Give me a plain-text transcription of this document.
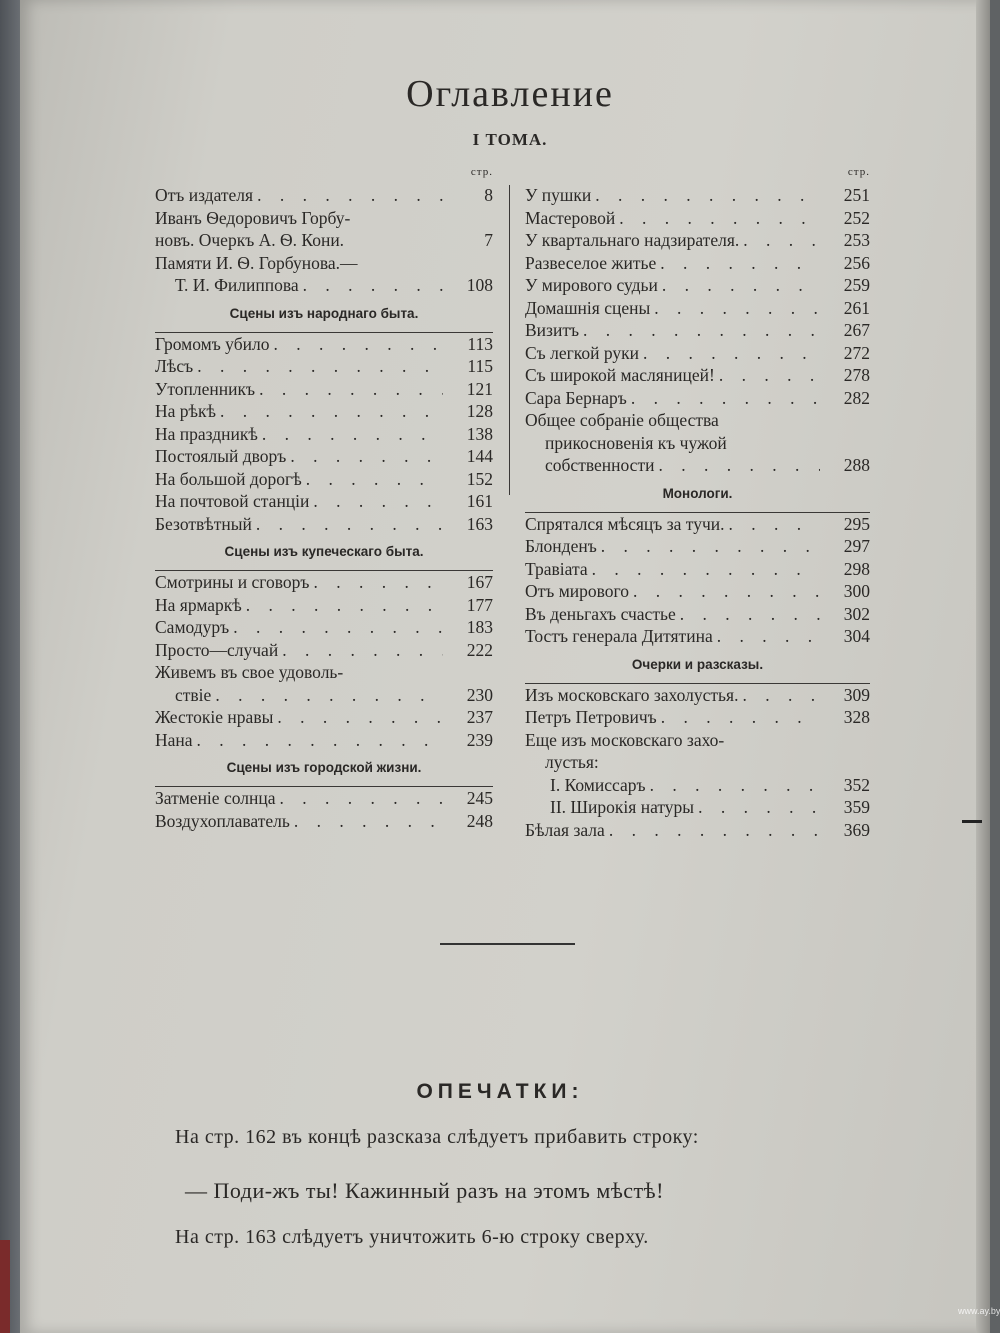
Оглавление
I ТОМА.
стр.
Отъ издателя . . .	8
Иванъ Ѳедоровичъ Горбу-
новъ. Очеркъ А. Ѳ. Кони.	7
Памяти И. Ѳ. Горбунова.—
Т. И. Филиппова . . .	108
Сцены изъ народнаго быта.
Громомъ убило . . .	113
Лѣсъ . . .	115
Утопленникъ . . .	121
На рѣкѣ . . .	128
На праздникѣ . . .	138
Постоялый дворъ . . .	144
На большой дорогѣ . . .	152
На почтовой станціи . . .	161
Безотвѣтный . . .	163
Сцены изъ купеческаго быта.
Смотрины и сговоръ . . .	167
На ярмаркѣ . . .	177
Самодуръ . . .	183
Просто—случай . . .	222
Живемъ въ свое удоволь-
ствіе . . .	230
Жестокіе нравы . . .	237
Нана . . .	239
Сцены изъ городской жизни.
Затменіе солнца . . .	245
Воздухоплаватель . . .	248
стр.
У пушки . . .	251
Мастеровой . . .	252
У квартальнаго надзирателя. . . .	253
Развеселое житье . . .	256
У мирового судьи . . .	259
Домашнія сцены . . .	261
Визитъ . . .	267
Съ легкой руки . . .	272
Съ широкой масляницей! . . .	278
Сара Бернаръ . . .	282
Общее собраніе общества
прикосновенія къ чужой
собственности . . .	288
Монологи.
Спрятался мѣсяцъ за тучи. . . .	295
Блонденъ . . .	297
Травіата . . .	298
Отъ мирового . . .	300
Въ деньгахъ счастье . . .	302
Тостъ генерала Дитятина . . .	304
Очерки и разсказы.
Изъ московскаго захолустья. . . .	309
Петръ Петровичъ . . .	328
Еще изъ московскаго захо-
лустья:
I. Комиссаръ . . .	352
II. Широкія натуры . . .	359
Бѣлая зала . . .	369
ОПЕЧАТКИ:
На стр. 162 въ концѣ разсказа слѣдуетъ прибавить строку:
— Поди-жъ ты! Кажинный разъ на этомъ мѣстѣ!
На стр. 163 слѣдуетъ уничтожить 6-ю строку сверху.
www.ay.by
